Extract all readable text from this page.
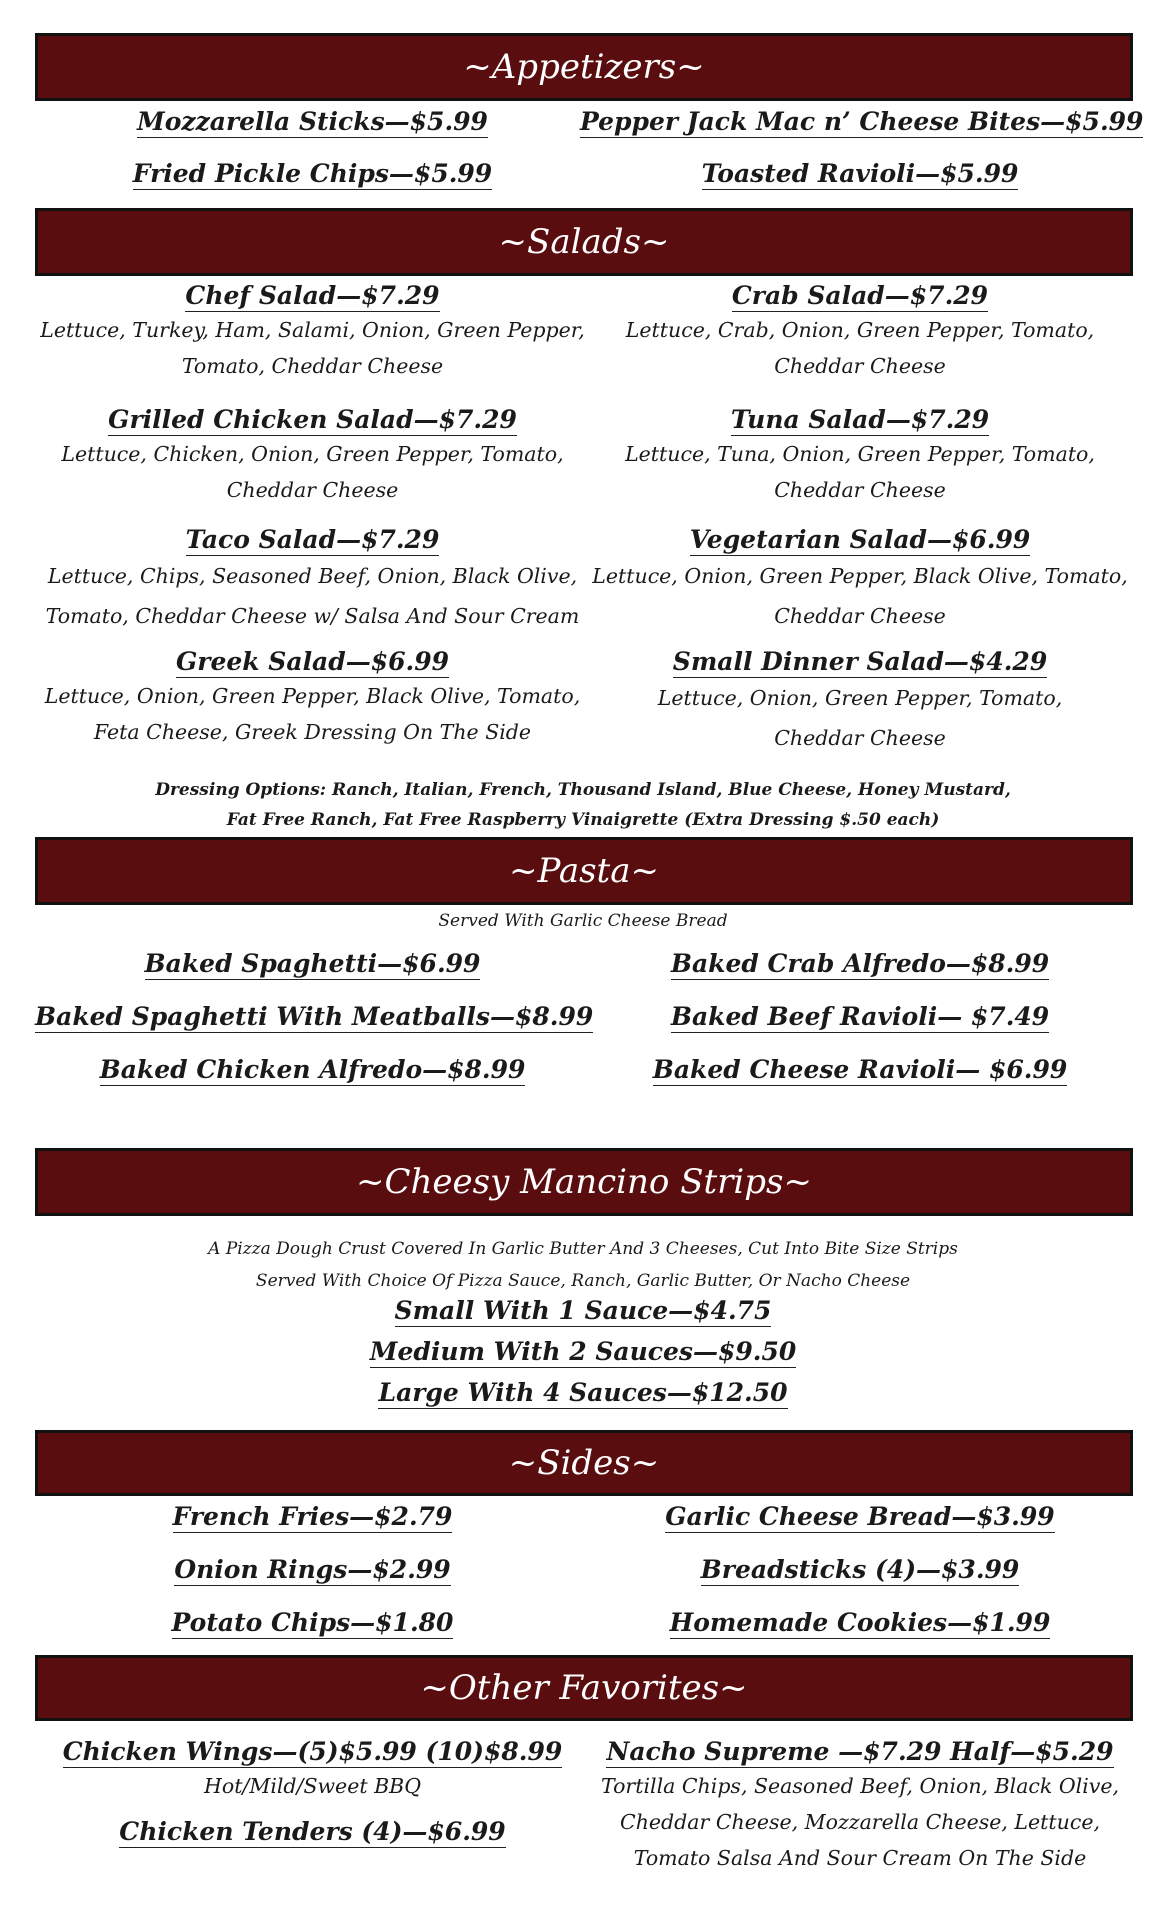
~Appetizers~
Mozzarella Sticks—$5.99
Fried Pickle Chips—$5.99
Pepper Jack Mac n’ Cheese Bites—$5.99
Toasted Ravioli—$5.99
~Salads~
Chef Salad—$7.29
Lettuce, Turkey, Ham, Salami, Onion, Green Pepper,
Tomato, Cheddar Cheese
Crab Salad—$7.29
Lettuce, Crab, Onion, Green Pepper, Tomato,
Cheddar Cheese
Grilled Chicken Salad—$7.29
Lettuce, Chicken, Onion, Green Pepper, Tomato,
Cheddar Cheese
Tuna Salad—$7.29
Lettuce, Tuna, Onion, Green Pepper, Tomato,
Cheddar Cheese
Taco Salad—$7.29
Lettuce, Chips, Seasoned Beef, Onion, Black Olive,
Tomato, Cheddar Cheese w/ Salsa And Sour Cream
Vegetarian Salad—$6.99
Lettuce, Onion, Green Pepper, Black Olive, Tomato,
Cheddar Cheese
Greek Salad—$6.99
Lettuce, Onion, Green Pepper, Black Olive, Tomato,
Feta Cheese, Greek Dressing On The Side
Small Dinner Salad—$4.29
Lettuce, Onion, Green Pepper, Tomato,
Cheddar Cheese
Dressing Options: Ranch, Italian, French, Thousand Island, Blue Cheese, Honey Mustard,
Fat Free Ranch, Fat Free Raspberry Vinaigrette (Extra Dressing $.50 each)
~Pasta~
Served With Garlic Cheese Bread
Baked Spaghetti—$6.99
Baked Spaghetti With Meatballs—$8.99
Baked Chicken Alfredo—$8.99
Baked Crab Alfredo—$8.99
Baked Beef Ravioli— $7.49
Baked Cheese Ravioli— $6.99
~Cheesy Mancino Strips~
A Pizza Dough Crust Covered In Garlic Butter And 3 Cheeses, Cut Into Bite Size Strips
Served With Choice Of Pizza Sauce, Ranch, Garlic Butter, Or Nacho Cheese
Small With 1 Sauce—$4.75
Medium With 2 Sauces—$9.50
Large With 4 Sauces—$12.50
~Sides~
French Fries—$2.79
Onion Rings—$2.99
Potato Chips—$1.80
Garlic Cheese Bread—$3.99
Breadsticks (4)—$3.99
Homemade Cookies—$1.99
~Other Favorites~
Chicken Wings—(5)$5.99 (10)$8.99
Hot/Mild/Sweet BBQ
Chicken Tenders (4)—$6.99
Nacho Supreme —$7.29 Half—$5.29
Tortilla Chips, Seasoned Beef, Onion, Black Olive,
Cheddar Cheese, Mozzarella Cheese, Lettuce,
Tomato Salsa And Sour Cream On The Side
